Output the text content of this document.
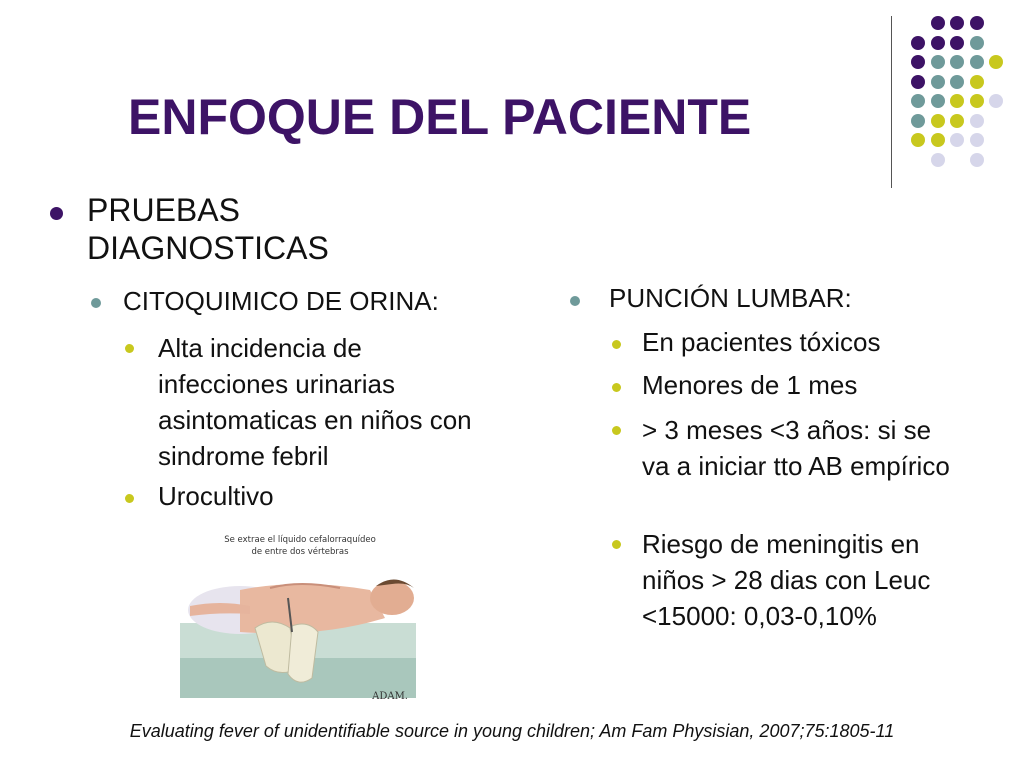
ENFOQUE DEL PACIENTE
PRUEBAS DIAGNOSTICAS
CITOQUIMICO DE ORINA:
Alta incidencia de infecciones urinarias asintomaticas en niños con sindrome febril
Urocultivo
Se extrae el líquido cefalorraquídeo
de entre dos vértebras
ADAM.
PUNCIÓN LUMBAR:
En pacientes tóxicos
Menores de 1 mes
> 3 meses <3 años: si se va a iniciar tto AB empírico
Riesgo de meningitis en niños > 28 dias con Leuc <15000: 0,03-0,10%
Evaluating fever of unidentifiable source in young children; Am Fam Physisian, 2007;75:1805-11
